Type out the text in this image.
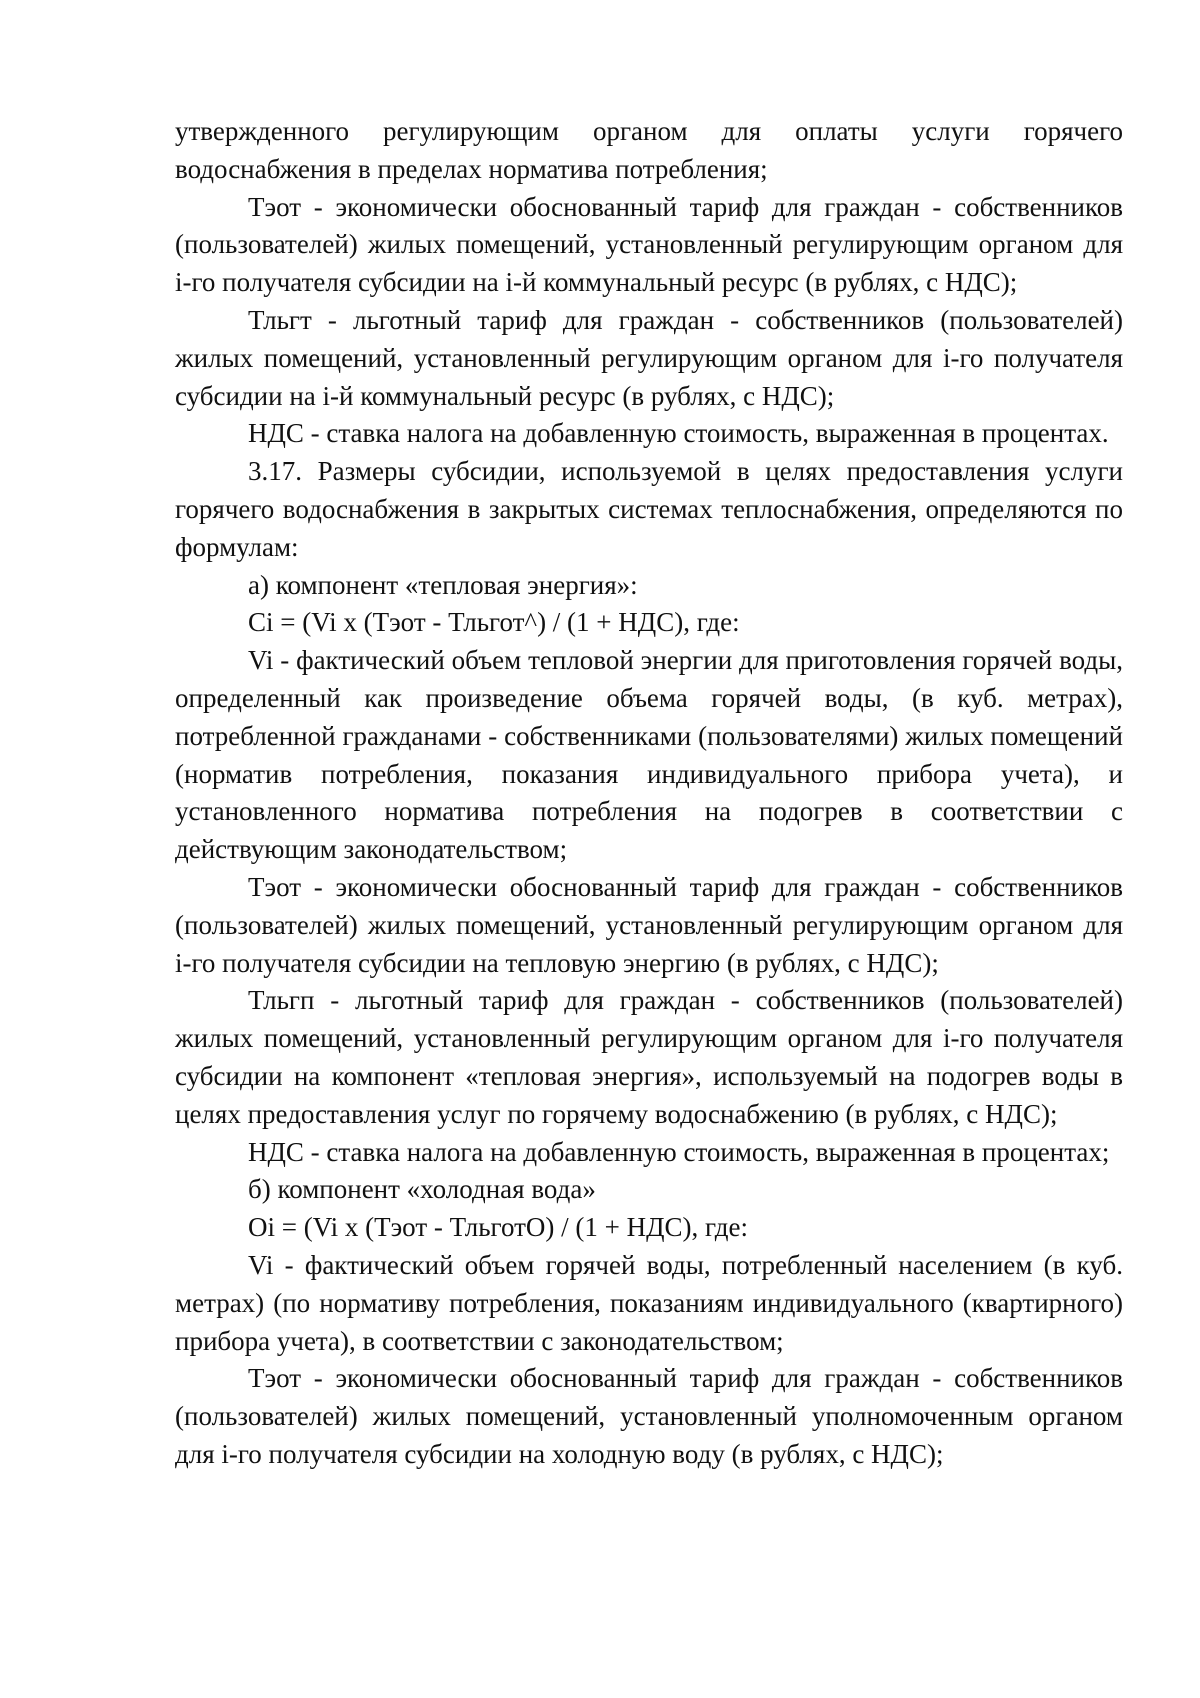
утвержденного регулирующим органом для оплаты услуги горячего водоснабжения в пределах норматива потребления;

Тэот - экономически обоснованный тариф для граждан - собственников (пользователей) жилых помещений, установленный регулирующим органом для i-го получателя субсидии на i-й коммунальный ресурс (в рублях, с НДС);

Тльгт - льготный тариф для граждан - собственников (пользователей) жилых помещений, установленный регулирующим органом для i-го получателя субсидии на i-й коммунальный ресурс (в рублях, с НДС);

НДС - ставка налога на добавленную стоимость, выраженная в процентах.

3.17. Размеры субсидии, используемой в целях предоставления услуги горячего водоснабжения в закрытых системах теплоснабжения, определяются по формулам:

а) компонент «тепловая энергия»:

Ci = (Vi x (Тэот - Тльгот^) / (1 + НДС), где:

Vi - фактический объем тепловой энергии для приготовления горячей воды, определенный как произведение объема горячей воды, (в куб. метрах), потребленной гражданами - собственниками (пользователями) жилых помещений (норматив потребления, показания индивидуального прибора учета), и установленного норматива потребления на подогрев в соответствии с действующим законодательством;

Тэот - экономически обоснованный тариф для граждан - собственников (пользователей) жилых помещений, установленный регулирующим органом для i-го получателя субсидии на тепловую энергию (в рублях, с НДС);

Тльгп - льготный тариф для граждан - собственников (пользователей) жилых помещений, установленный регулирующим органом для i-го получателя субсидии на компонент «тепловая энергия», используемый на подогрев воды в целях предоставления услуг по горячему водоснабжению (в рублях, с НДС);

НДС - ставка налога на добавленную стоимость, выраженная в процентах;

б) компонент «холодная вода»

Oi = (Vi x (Тэот - ТльготО) / (1 + НДС), где:

Vi - фактический объем горячей воды, потребленный населением (в куб. метрах) (по нормативу потребления, показаниям индивидуального (квартирного) прибора учета), в соответствии с законодательством;

Тэот - экономически обоснованный тариф для граждан - собственников (пользователей) жилых помещений, установленный уполномоченным органом для i-го получателя субсидии на холодную воду (в рублях, с НДС);
